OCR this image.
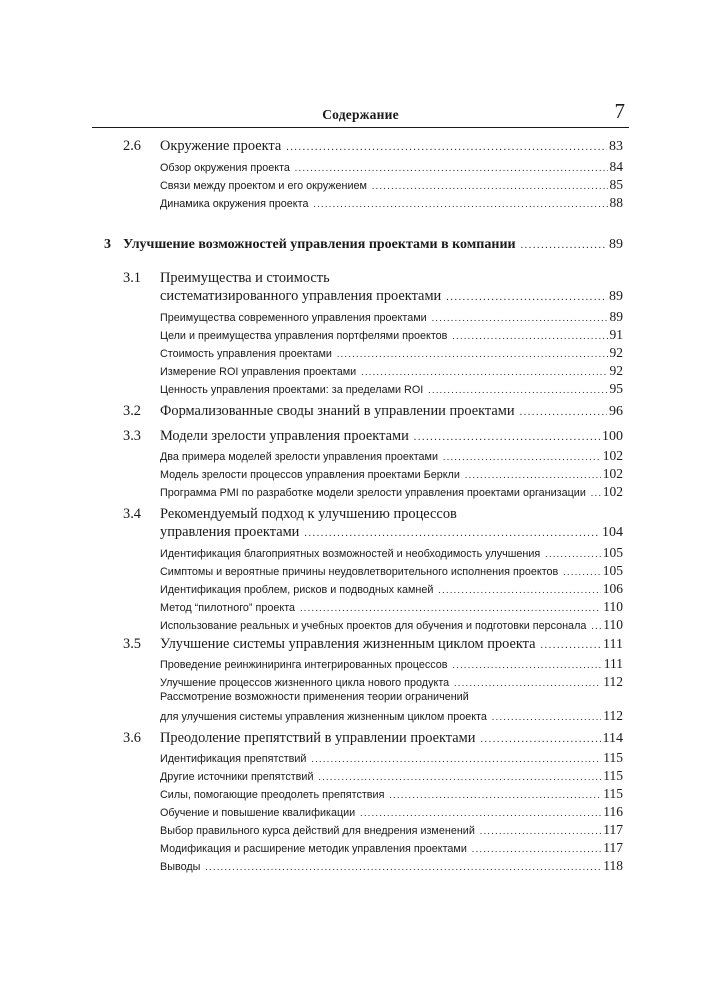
Содержание	7
2.6 Окружение проекта .....	83
Обзор окружения проекта .....	84
Связи между проектом и его окружением .....	85
Динамика окружения проекта .....	88
3 Улучшение возможностей управления проектами в компании .....	89
3.1 Преимущества и стоимость
систематизированного управления проектами .....	89
Преимущества современного управления проектами .....	89
Цели и преимущества управления портфелями проектов .....	91
Стоимость управления проектами .....	92
Измерение ROI управления проектами .....	92
Ценность управления проектами: за пределами ROI .....	95
3.2 Формализованные своды знаний в управлении проектами .....	96
3.3 Модели зрелости управления проектами .....	100
Два примера моделей зрелости управления проектами .....	102
Модель зрелости процессов управления проектами Беркли .....	102
Программа PMI по разработке модели зрелости управления проектами организации ..... 102
3.4 Рекомендуемый подход к улучшению процессов
управления проектами .....	104
Идентификация благоприятных возможностей и необходимость улучшения .....	105
Симптомы и вероятные причины неудовлетворительного исполнения проектов .....	105
Идентификация проблем, рисков и подводных камней .....	106
Метод “пилотного” проекта .....	110
Использование реальных и учебных проектов для обучения и подготовки персонала ..... 110
3.5 Улучшение системы управления жизненным циклом проекта .....	111
Проведение реинжиниринга интегрированных процессов .....	111
Улучшение процессов жизненного цикла нового продукта .....	112
Рассмотрение возможности применения теории ограничений
для улучшения системы управления жизненным циклом проекта .....	112
3.6 Преодоление препятствий в управлении проектами .....	114
Идентификация препятствий .....	115
Другие источники препятствий .....	115
Силы, помогающие преодолеть препятствия .....	115
Обучение и повышение квалификации .....	116
Выбор правильного курса действий для внедрения изменений .....	117
Модификация и расширение методик управления проектами .....	117
Выводы .....	118
